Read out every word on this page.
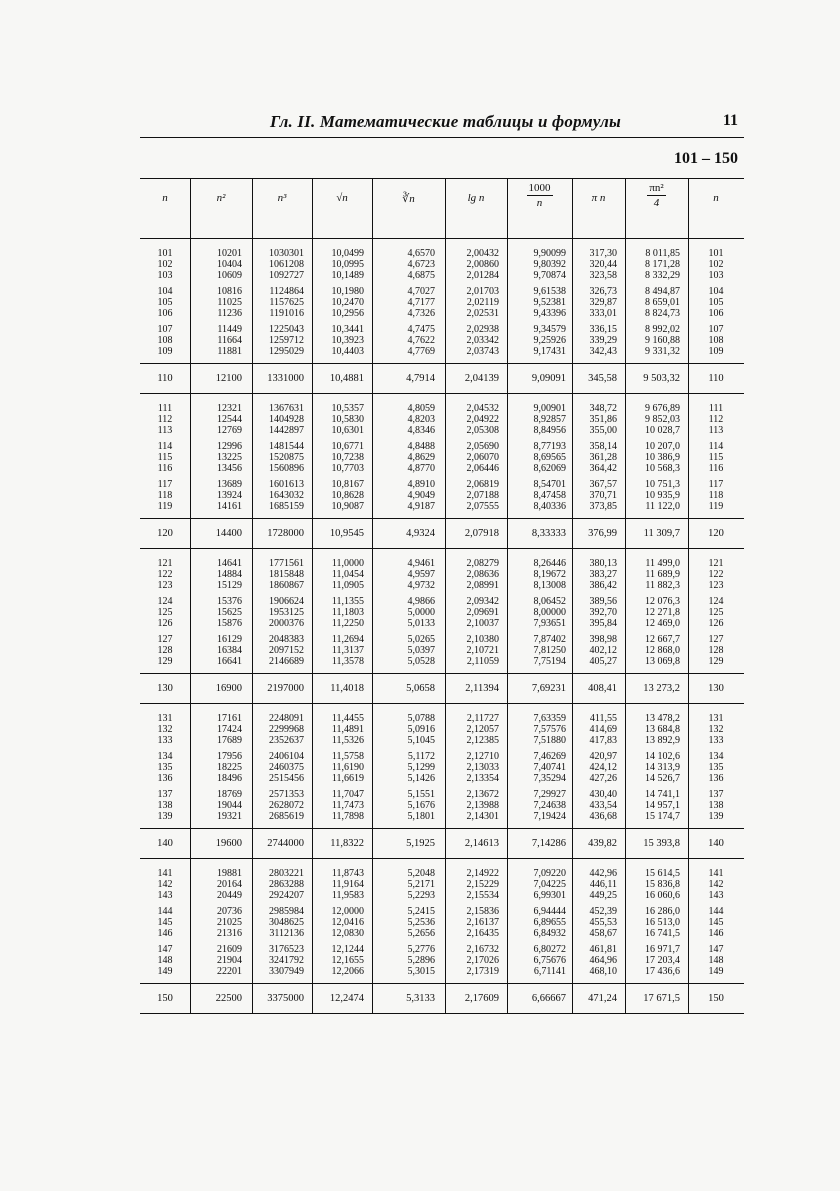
Гл. II. Математические таблицы и формулы	11
101 – 150
n	n²	n³	√n	∛n	lg n	$\frac{1000}{n}$	π n	$\frac{\text{πn²}}{4}$	n
101	10201	1030301	10,0499	4,6570	2,00432	9,90099	317,30	8 011,85	101
102	10404	1061208	10,0995	4,6723	2,00860	9,80392	320,44	8 171,28	102
103	10609	1092727	10,1489	4,6875	2,01284	9,70874	323,58	8 332,29	103
104	10816	1124864	10,1980	4,7027	2,01703	9,61538	326,73	8 494,87	104
105	11025	1157625	10,2470	4,7177	2,02119	9,52381	329,87	8 659,01	105
106	11236	1191016	10,2956	4,7326	2,02531	9,43396	333,01	8 824,73	106
107	11449	1225043	10,3441	4,7475	2,02938	9,34579	336,15	8 992,02	107
108	11664	1259712	10,3923	4,7622	2,03342	9,25926	339,29	9 160,88	108
109	11881	1295029	10,4403	4,7769	2,03743	9,17431	342,43	9 331,32	109
110	12100	1331000	10,4881	4,7914	2,04139	9,09091	345,58	9 503,32	110
111	12321	1367631	10,5357	4,8059	2,04532	9,00901	348,72	9 676,89	111
112	12544	1404928	10,5830	4,8203	2,04922	8,92857	351,86	9 852,03	112
113	12769	1442897	10,6301	4,8346	2,05308	8,84956	355,00	10 028,7	113
114	12996	1481544	10,6771	4,8488	2,05690	8,77193	358,14	10 207,0	114
115	13225	1520875	10,7238	4,8629	2,06070	8,69565	361,28	10 386,9	115
116	13456	1560896	10,7703	4,8770	2,06446	8,62069	364,42	10 568,3	116
117	13689	1601613	10,8167	4,8910	2,06819	8,54701	367,57	10 751,3	117
118	13924	1643032	10,8628	4,9049	2,07188	8,47458	370,71	10 935,9	118
119	14161	1685159	10,9087	4,9187	2,07555	8,40336	373,85	11 122,0	119
120	14400	1728000	10,9545	4,9324	2,07918	8,33333	376,99	11 309,7	120
121	14641	1771561	11,0000	4,9461	2,08279	8,26446	380,13	11 499,0	121
122	14884	1815848	11,0454	4,9597	2,08636	8,19672	383,27	11 689,9	122
123	15129	1860867	11,0905	4,9732	2,08991	8,13008	386,42	11 882,3	123
124	15376	1906624	11,1355	4,9866	2,09342	8,06452	389,56	12 076,3	124
125	15625	1953125	11,1803	5,0000	2,09691	8,00000	392,70	12 271,8	125
126	15876	2000376	11,2250	5,0133	2,10037	7,93651	395,84	12 469,0	126
127	16129	2048383	11,2694	5,0265	2,10380	7,87402	398,98	12 667,7	127
128	16384	2097152	11,3137	5,0397	2,10721	7,81250	402,12	12 868,0	128
129	16641	2146689	11,3578	5,0528	2,11059	7,75194	405,27	13 069,8	129
130	16900	2197000	11,4018	5,0658	2,11394	7,69231	408,41	13 273,2	130
131	17161	2248091	11,4455	5,0788	2,11727	7,63359	411,55	13 478,2	131
132	17424	2299968	11,4891	5,0916	2,12057	7,57576	414,69	13 684,8	132
133	17689	2352637	11,5326	5,1045	2,12385	7,51880	417,83	13 892,9	133
134	17956	2406104	11,5758	5,1172	2,12710	7,46269	420,97	14 102,6	134
135	18225	2460375	11,6190	5,1299	2,13033	7,40741	424,12	14 313,9	135
136	18496	2515456	11,6619	5,1426	2,13354	7,35294	427,26	14 526,7	136
137	18769	2571353	11,7047	5,1551	2,13672	7,29927	430,40	14 741,1	137
138	19044	2628072	11,7473	5,1676	2,13988	7,24638	433,54	14 957,1	138
139	19321	2685619	11,7898	5,1801	2,14301	7,19424	436,68	15 174,7	139
140	19600	2744000	11,8322	5,1925	2,14613	7,14286	439,82	15 393,8	140
141	19881	2803221	11,8743	5,2048	2,14922	7,09220	442,96	15 614,5	141
142	20164	2863288	11,9164	5,2171	2,15229	7,04225	446,11	15 836,8	142
143	20449	2924207	11,9583	5,2293	2,15534	6,99301	449,25	16 060,6	143
144	20736	2985984	12,0000	5,2415	2,15836	6,94444	452,39	16 286,0	144
145	21025	3048625	12,0416	5,2536	2,16137	6,89655	455,53	16 513,0	145
146	21316	3112136	12,0830	5,2656	2,16435	6,84932	458,67	16 741,5	146
147	21609	3176523	12,1244	5,2776	2,16732	6,80272	461,81	16 971,7	147
148	21904	3241792	12,1655	5,2896	2,17026	6,75676	464,96	17 203,4	148
149	22201	3307949	12,2066	5,3015	2,17319	6,71141	468,10	17 436,6	149
150	22500	3375000	12,2474	5,3133	2,17609	6,66667	471,24	17 671,5	150
